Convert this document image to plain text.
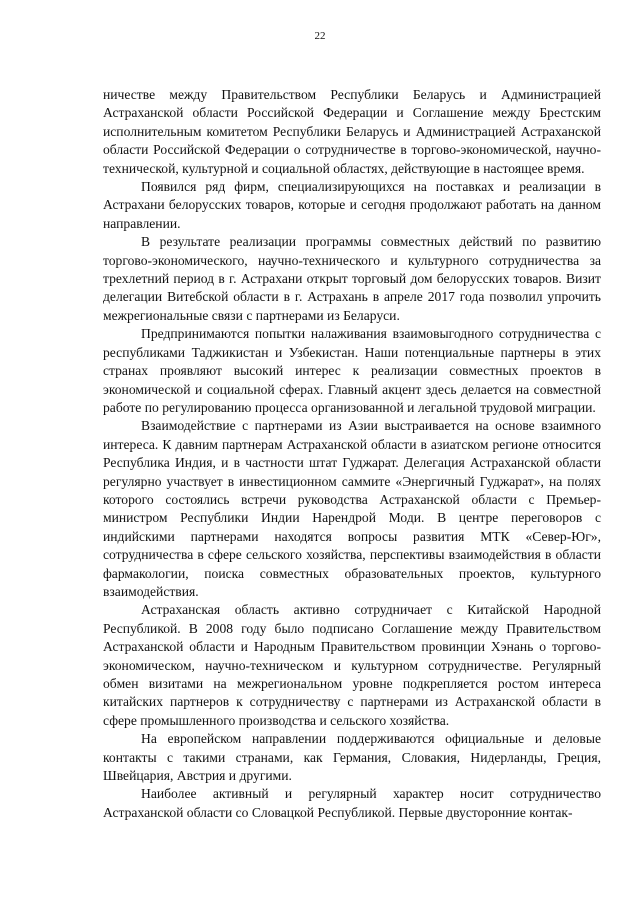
22

ничестве между Правительством Республики Беларусь и Администрацией Астраханской области Российской Федерации и Соглашение между Брестским исполнительным комитетом Республики Беларусь и Администрацией Астраханской области Российской Федерации о сотрудничестве в торгово-экономической, научно-технической, культурной и социальной областях, действующие в настоящее время.

Появился ряд фирм, специализирующихся на поставках и реализации в Астрахани белорусских товаров, которые и сегодня продолжают работать на данном направлении.

В результате реализации программы совместных действий по развитию торгово-экономического, научно-технического и культурного сотрудничества за трехлетний период в г. Астрахани открыт торговый дом белорусских товаров. Визит делегации Витебской области в г. Астрахань в апреле 2017 года позволил упрочить межрегиональные связи с партнерами из Беларуси.

Предпринимаются попытки налаживания взаимовыгодного сотрудничества с республиками Таджикистан и Узбекистан. Наши потенциальные партнеры в этих странах проявляют высокий интерес к реализации совместных проектов в экономической и социальной сферах. Главный акцент здесь делается на совместной работе по регулированию процесса организованной и легальной трудовой миграции.

Взаимодействие с партнерами из Азии выстраивается на основе взаимного интереса. К давним партнерам Астраханской области в азиатском регионе относится Республика Индия, и в частности штат Гуджарат. Делегация Астраханской области регулярно участвует в инвестиционном саммите «Энергичный Гуджарат», на полях которого состоялись встречи руководства Астраханской области с Премьер-министром Республики Индии Нарендрой Моди. В центре переговоров с индийскими партнерами находятся вопросы развития МТК «Север-Юг», сотрудничества в сфере сельского хозяйства, перспективы взаимодействия в области фармакологии, поиска совместных образовательных проектов, культурного взаимодействия.

Астраханская область активно сотрудничает с Китайской Народной Республикой. В 2008 году было подписано Соглашение между Правительством Астраханской области и Народным Правительством провинции Хэнань о торгово-экономическом, научно-техническом и культурном сотрудничестве. Регулярный обмен визитами на межрегиональном уровне подкрепляется ростом интереса китайских партнеров к сотрудничеству с партнерами из Астраханской области в сфере промышленного производства и сельского хозяйства.

На европейском направлении поддерживаются официальные и деловые контакты с такими странами, как Германия, Словакия, Нидерланды, Греция, Швейцария, Австрия и другими.

Наиболее активный и регулярный характер носит сотрудничество Астраханской области со Словацкой Республикой. Первые двусторонние контак-
